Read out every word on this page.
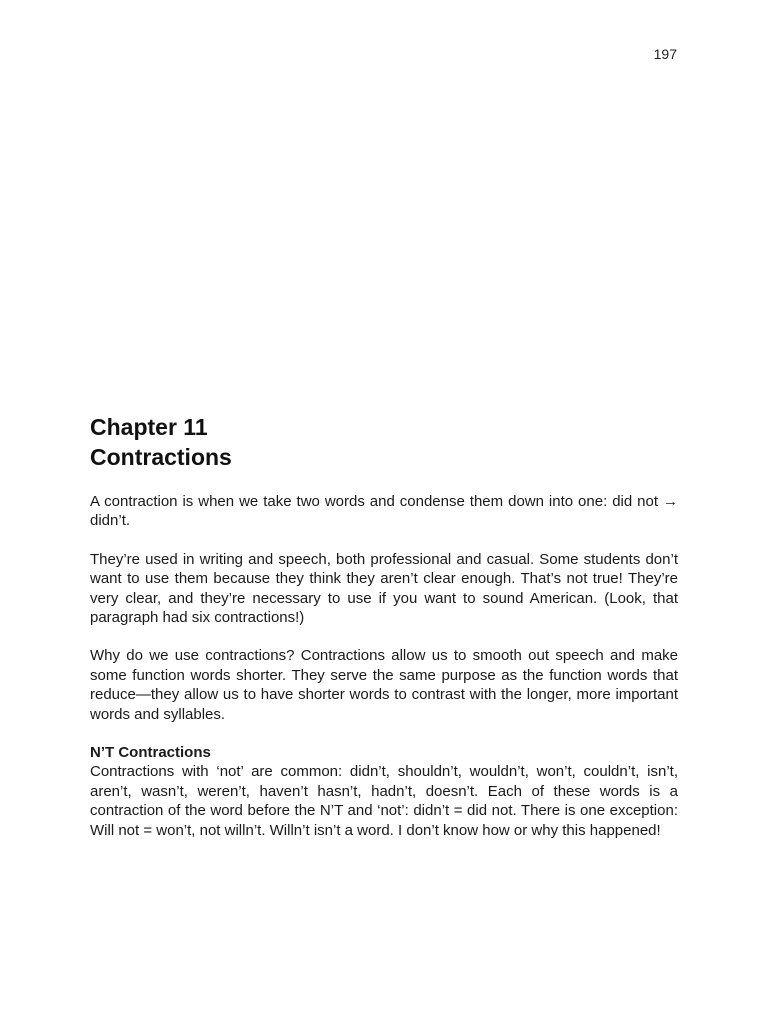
197
Chapter 11
Contractions

A contraction is when we take two words and condense them down into one: did not → didn’t.

They’re used in writing and speech, both professional and casual. Some students don’t want to use them because they think they aren’t clear enough. That’s not true! They’re very clear, and they’re necessary to use if you want to sound American. (Look, that paragraph had six contractions!)

Why do we use contractions? Contractions allow us to smooth out speech and make some function words shorter. They serve the same purpose as the function words that reduce—they allow us to have shorter words to contrast with the longer, more important words and syllables.

N’T Contractions

Contractions with ‘not’ are common: didn’t, shouldn’t, wouldn’t, won’t, couldn’t, isn’t, aren’t, wasn’t, weren’t, haven’t hasn’t, hadn’t, doesn’t. Each of these words is a contraction of the word before the N’T and ‘not’: didn’t = did not. There is one exception: Will not = won’t, not willn’t. Willn’t isn’t a word. I don’t know how or why this happened!
